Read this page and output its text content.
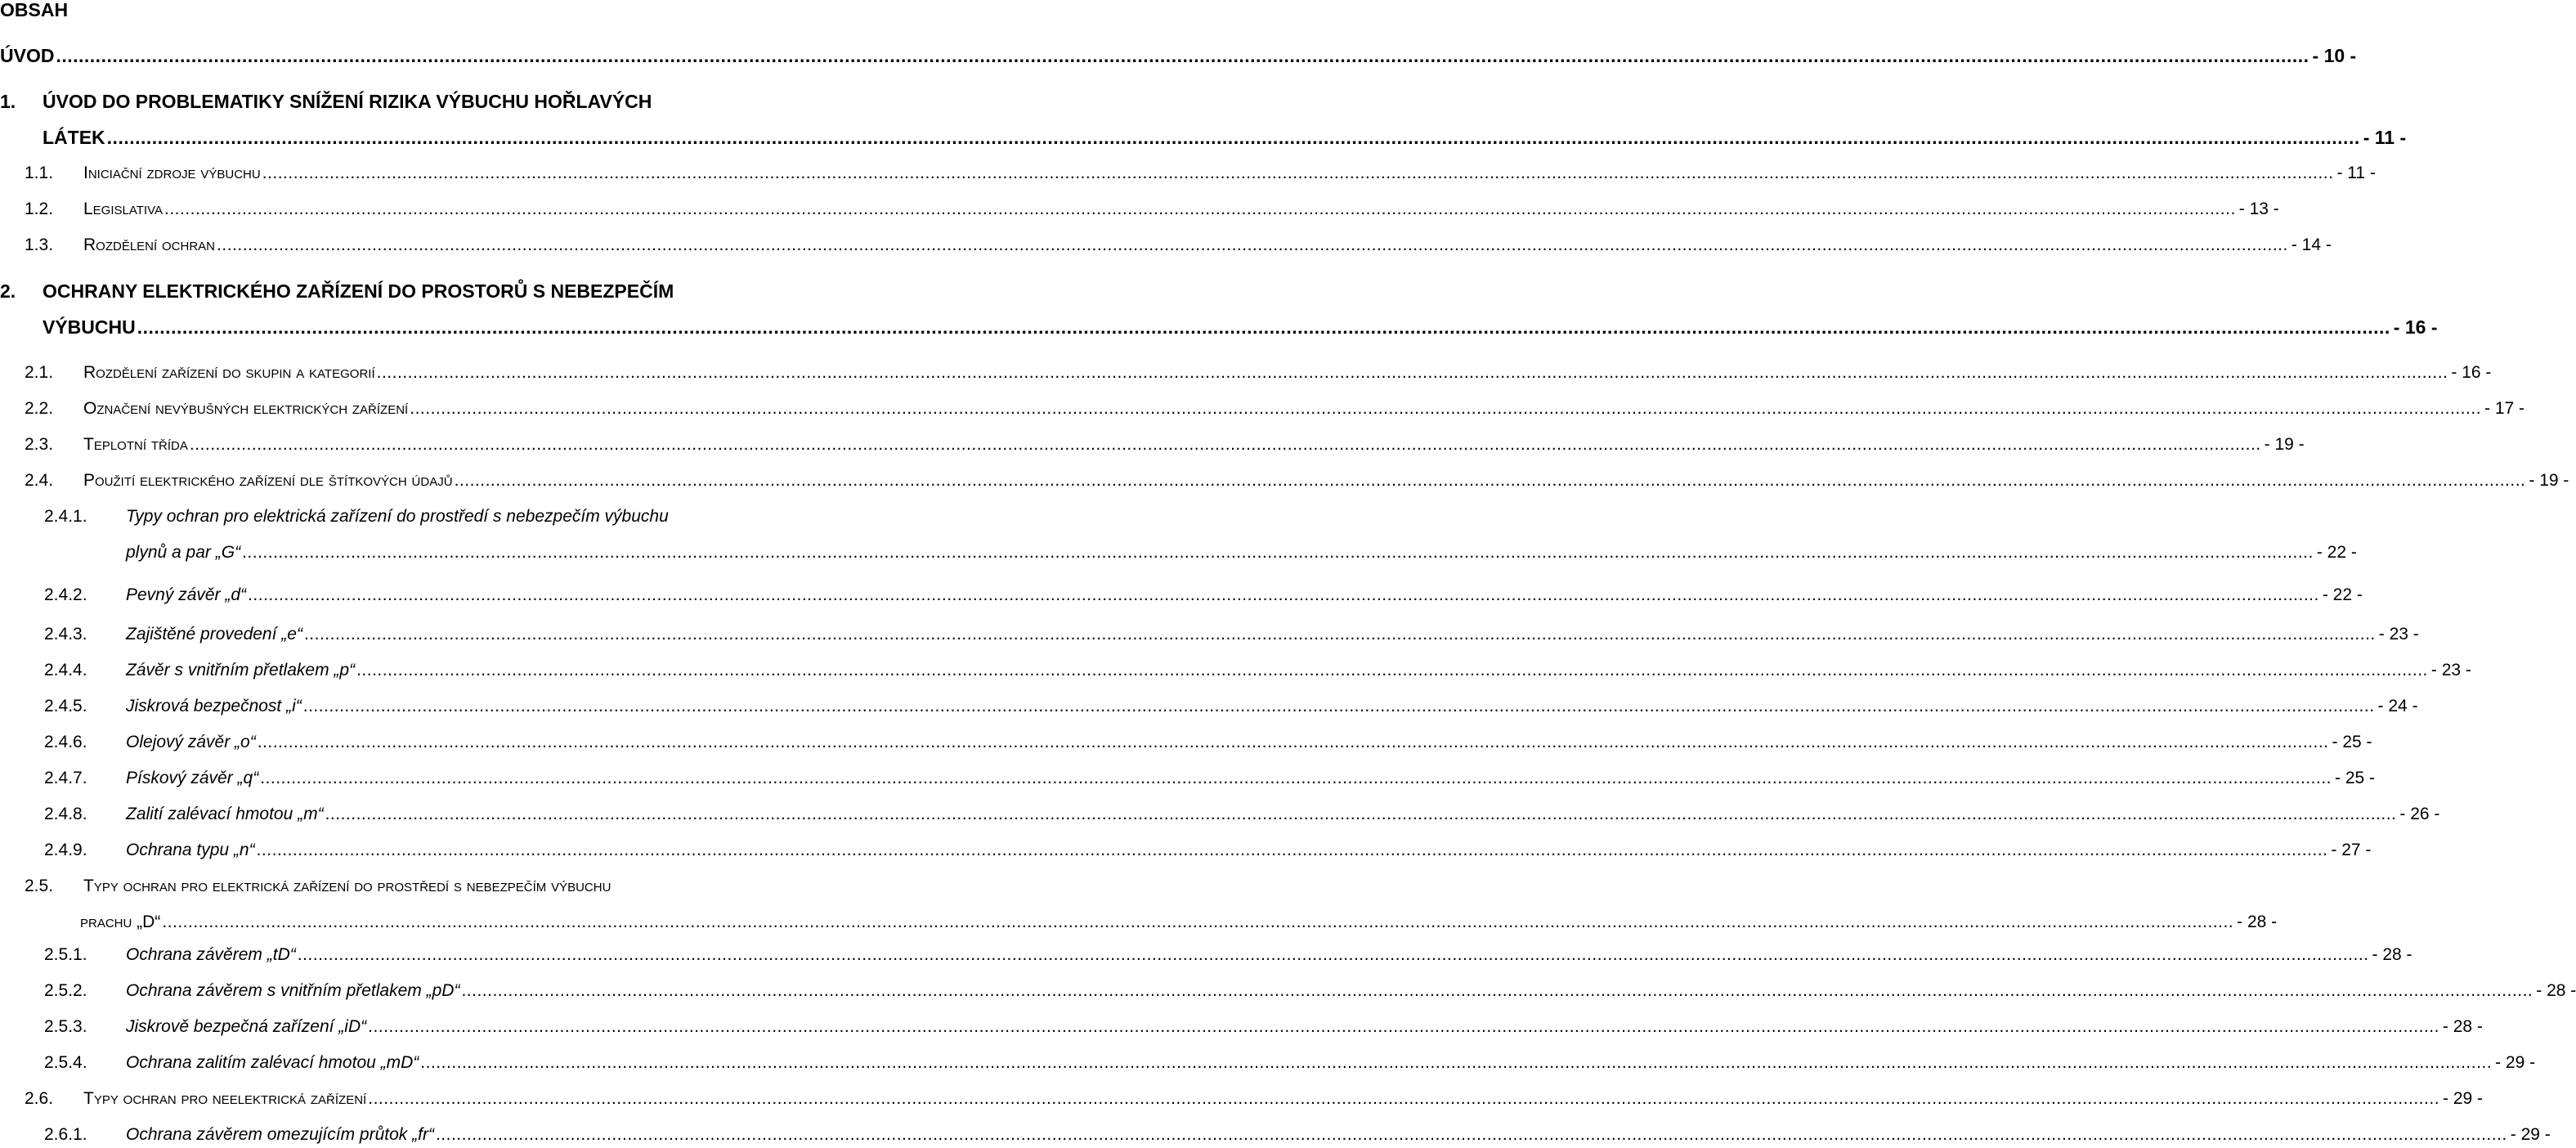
OBSAH
ÚVOD ................................................................................................................................................................................................................................................................................................................................................................................................................ - 10 -
1. ÚVOD DO PROBLEMATIKY SNÍŽENÍ RIZIKA VÝBUCHU HOŘLAVÝCH
LÁTEK ................................................................................................................................................................................................................................................................................................................................................................................................................ - 11 -
1.1. Iniciační zdroje výbuchu ................................................................................................................................................................................................................................................................................................................................................................................................................ - 11 -
1.2. Legislativa ................................................................................................................................................................................................................................................................................................................................................................................................................ - 13 -
1.3. Rozdělení ochran ................................................................................................................................................................................................................................................................................................................................................................................................................ - 14 -
2. OCHRANY ELEKTRICKÉHO ZAŘÍZENÍ DO PROSTORŮ S NEBEZPEČÍM
VÝBUCHU ................................................................................................................................................................................................................................................................................................................................................................................................................ - 16 -
2.1. Rozdělení zařízení do skupin a kategorií ................................................................................................................................................................................................................................................................................................................................................................................................................ - 16 -
2.2. Označení nevýbušných elektrických zařízení ................................................................................................................................................................................................................................................................................................................................................................................................................ - 17 -
2.3. Teplotní třída ................................................................................................................................................................................................................................................................................................................................................................................................................ - 19 -
2.4. Použití elektrického zařízení dle štítkových údajů ................................................................................................................................................................................................................................................................................................................................................................................................................ - 19 -
2.4.1. Typy ochran pro elektrická zařízení do prostředí s nebezpečím výbuchu
plynů a par „G“ ................................................................................................................................................................................................................................................................................................................................................................................................................ - 22 -
2.4.2. Pevný závěr „d“ ................................................................................................................................................................................................................................................................................................................................................................................................................ - 22 -
2.4.3. Zajištěné provedení „e“ ................................................................................................................................................................................................................................................................................................................................................................................................................ - 23 -
2.4.4. Závěr s vnitřním přetlakem „p“ ................................................................................................................................................................................................................................................................................................................................................................................................................ - 23 -
2.4.5. Jiskrová bezpečnost „i“ ................................................................................................................................................................................................................................................................................................................................................................................................................ - 24 -
2.4.6. Olejový závěr „o“ ................................................................................................................................................................................................................................................................................................................................................................................................................ - 25 -
2.4.7. Pískový závěr „q“ ................................................................................................................................................................................................................................................................................................................................................................................................................ - 25 -
2.4.8. Zalití zalévací hmotou „m“ ................................................................................................................................................................................................................................................................................................................................................................................................................ - 26 -
2.4.9. Ochrana typu „n“ ................................................................................................................................................................................................................................................................................................................................................................................................................ - 27 -
2.5. Typy ochran pro elektrická zařízení do prostředí s nebezpečím výbuchu
prachu „D“ ................................................................................................................................................................................................................................................................................................................................................................................................................ - 28 -
2.5.1. Ochrana závěrem „tD“ ................................................................................................................................................................................................................................................................................................................................................................................................................ - 28 -
2.5.2. Ochrana závěrem s vnitřním přetlakem „pD“ ................................................................................................................................................................................................................................................................................................................................................................................................................ - 28 -
2.5.3. Jiskrově bezpečná zařízení „iD“ ................................................................................................................................................................................................................................................................................................................................................................................................................ - 28 -
2.5.4. Ochrana zalitím zalévací hmotou „mD“ ................................................................................................................................................................................................................................................................................................................................................................................................................ - 29 -
2.6. Typy ochran pro neelektrická zařízení ................................................................................................................................................................................................................................................................................................................................................................................................................ - 29 -
2.6.1. Ochrana závěrem omezujícím průtok „fr“ ................................................................................................................................................................................................................................................................................................................................................................................................................ - 29 -
